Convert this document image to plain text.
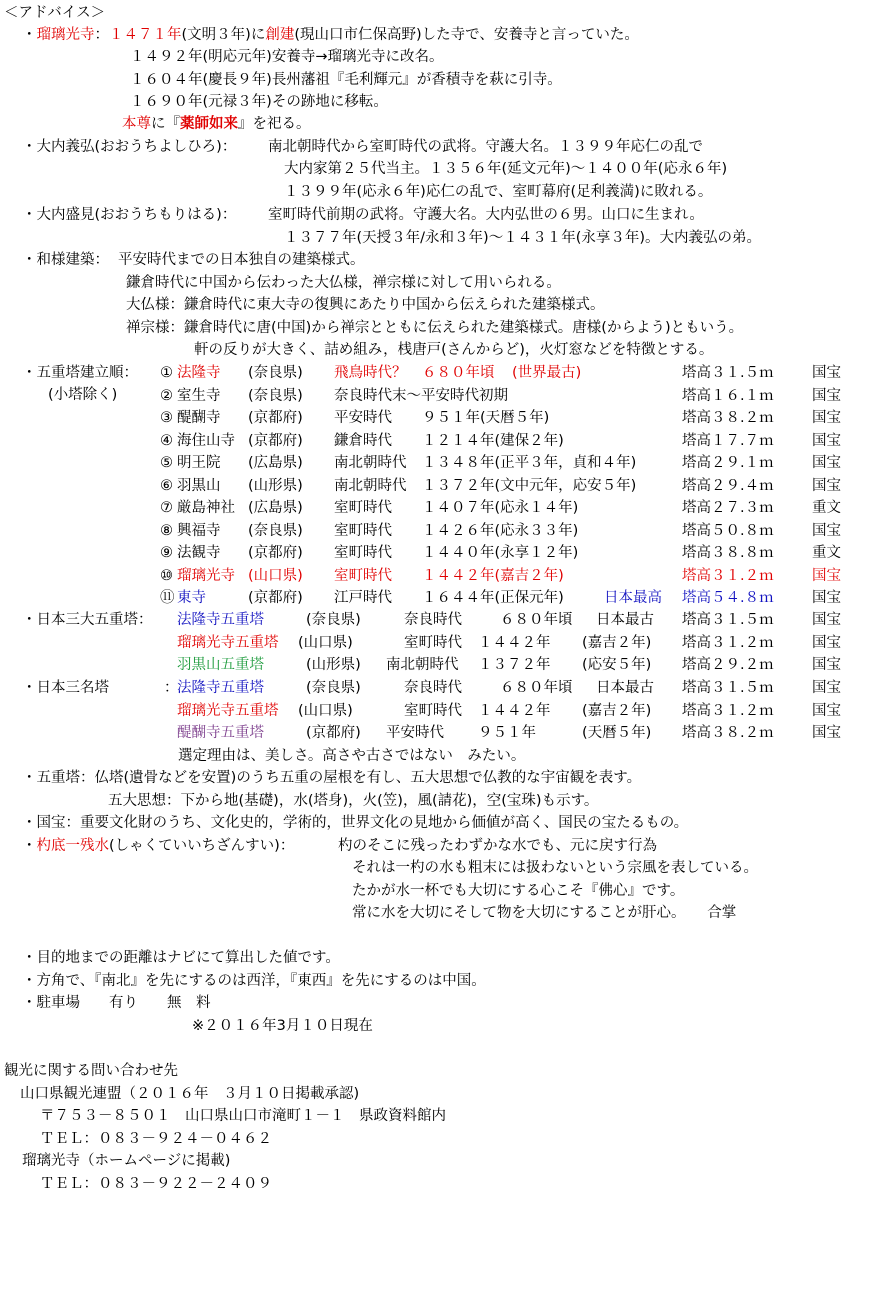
＜アドバイス＞
・瑠璃光寺：１４７１年(文明３年)に創建(現山口市仁保高野)した寺で、安養寺と言っていた。
１４９２年(明応元年)安養寺→瑠璃光寺に改名。
１６０４年(慶長９年)長州藩祖『毛利輝元』が香積寺を萩に引寺。
１６９０年(元禄３年)その跡地に移転。
本尊に『薬師如来』を祀る。
・大内義弘(おおうちよしひろ)： 南北朝時代から室町時代の武将。守護大名。１３９９年応仁の乱で
大内家第２５代当主。１３５６年(延文元年)～１４００年(応永６年)
１３９９年(応永６年)応仁の乱で、室町幕府(足利義満)に敗れる。
・大内盛見(おおうちもりはる)： 室町時代前期の武将。守護大名。大内弘世の６男。山口に生まれ。
１３７７年(天授３年/永和３年)～１４３１年(永享３年)。大内義弘の弟。
・和様建築： 平安時代までの日本独自の建築様式。
鎌倉時代に中国から伝わった大仏様，禅宗様に対して用いられる。
大仏様：鎌倉時代に東大寺の復興にあたり中国から伝えられた建築様式。
禅宗様：鎌倉時代に唐(中国)から禅宗とともに伝えられた建築様式。唐様(からよう)ともいう。
軒の反りが大きく、詰め組み，桟唐戸(さんからど)，火灯窓などを特徴とする。
・五重塔建立順：
(小塔除く)
① 法隆寺 (奈良県) 飛鳥時代？ ６８０年頃 (世界最古)	塔高３１.５ｍ	国宝
② 室生寺 (奈良県) 奈良時代末～平安時代初期	塔高１６.１ｍ	国宝
③ 醍醐寺 (京都府) 平安時代 ９５１年(天暦５年)	塔高３８.２ｍ	国宝
④ 海住山寺 (京都府) 鎌倉時代 １２１４年(建保２年)	塔高１７.７ｍ	国宝
⑤ 明王院 (広島県) 南北朝時代 １３４８年(正平３年，貞和４年)	塔高２９.１ｍ	国宝
⑥ 羽黒山 (山形県) 南北朝時代 １３７２年(文中元年，応安５年)	塔高２９.４ｍ	国宝
⑦ 厳島神社 (広島県) 室町時代 １４０７年(応永１４年)	塔高２７.３ｍ	重文
⑧ 興福寺 (奈良県) 室町時代 １４２６年(応永３３年)	塔高５０.８ｍ	国宝
⑨ 法観寺 (京都府) 室町時代 １４４０年(永享１２年)	塔高３８.８ｍ	重文
⑩ 瑠璃光寺 (山口県) 室町時代 １４４２年(嘉吉２年)	塔高３１.２ｍ	国宝
⑪ 東寺	(京都府) 江戸時代 １６４４年(正保元年)	日本最高 塔高５４.８ｍ	国宝
・日本三大五重塔： 法隆寺五重塔	(奈良県)	奈良時代	６８０年頃 日本最古 塔高３１.５ｍ	国宝
瑠璃光寺五重塔 (山口県)	室町時代 １４４２年 (嘉吉２年) 塔高３１.２ｍ	国宝
羽黒山五重塔	(山形県) 南北朝時代 １３７２年 (応安５年) 塔高２９.２ｍ	国宝
・日本三名塔	：
法隆寺五重塔	(奈良県)	奈良時代	６８０年頃 日本最古 塔高３１.５ｍ	国宝
瑠璃光寺五重塔 (山口県)	室町時代 １４４２年 (嘉吉２年) 塔高３１.２ｍ	国宝
醍醐寺五重塔	(京都府) 平安時代 ９５１年	(天暦５年) 塔高３８.２ｍ	国宝
選定理由は、美しさ。高さや古さではない　みたい。
・五重塔：仏塔(遺骨などを安置)のうち五重の屋根を有し、五大思想で仏教的な宇宙観を表す。
五大思想：下から地(基礎)，水(塔身)，火(笠)，風(請花)，空(宝珠)も示す。
・国宝：重要文化財のうち、文化史的，学術的，世界文化の見地から価値が高く、国民の宝たるもの。
・杓底一残水(しゃくていいちざんすい)：	杓のそこに残ったわずかな水でも、元に戻す行為
それは一杓の水も粗末には扱わないという宗風を表している。
たかが水一杯でも大切にする心こそ『佛心』です。
常に水を大切にそして物を大切にすることが肝心。　　合掌
・目的地までの距離はナビにて算出した値です。
・方角で、『南北』を先にするのは西洋，『東西』を先にするのは中国。
・駐車場　　有り　　無　料
※２０１６年3月１０日現在
観光に関する問い合わせ先
山口県観光連盟（２０１６年　３月１０日掲載承認)
〒７５３－８５０１　山口県山口市滝町１－１　県政資料館内
ＴＥＬ：０８３－９２４－０４６２
瑠璃光寺（ホームページに掲載)
ＴＥＬ：０８３－９２２－２４０９
